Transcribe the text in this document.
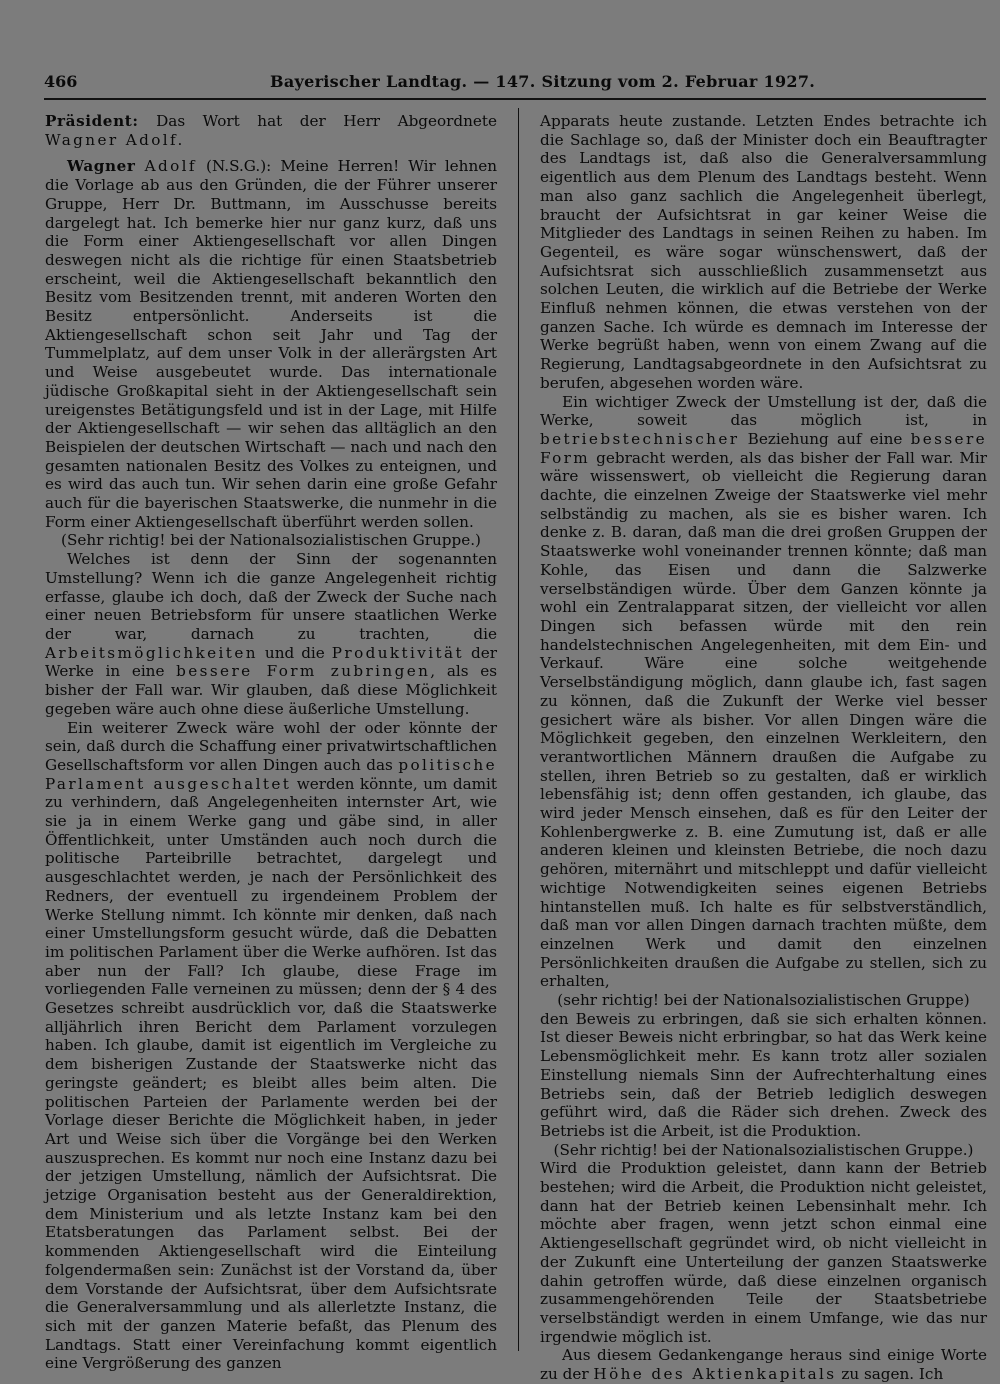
466	Bayerischer Landtag. — 147. Sitzung vom 2. Februar 1927.

Präsident: Das Wort hat der Herr Abgeordnete Wagner Adolf.

Wagner Adolf (N.S.G.): Meine Herren! Wir lehnen die Vorlage ab aus den Gründen, die der Führer unserer Gruppe, Herr Dr. Buttmann, im Ausschusse bereits dargelegt hat. Ich bemerke hier nur ganz kurz, daß uns die Form einer Aktiengesellschaft vor allen Dingen deswegen nicht als die richtige für einen Staatsbetrieb erscheint, weil die Aktiengesellschaft bekanntlich den Besitz vom Besitzenden trennt, mit anderen Worten den Besitz entpersönlicht. Anderseits ist die Aktiengesellschaft schon seit Jahr und Tag der Tummelplatz, auf dem unser Volk in der allerärgsten Art und Weise ausgebeutet wurde. Das internationale jüdische Großkapital sieht in der Aktiengesellschaft sein ureigenstes Betätigungsfeld und ist in der Lage, mit Hilfe der Aktiengesellschaft — wir sehen das alltäglich an den Beispielen der deutschen Wirtschaft — nach und nach den gesamten nationalen Besitz des Volkes zu enteignen, und es wird das auch tun. Wir sehen darin eine große Gefahr auch für die bayerischen Staatswerke, die nunmehr in die Form einer Aktiengesellschaft überführt werden sollen.

(Sehr richtig! bei der Nationalsozialistischen Gruppe.)

Welches ist denn der Sinn der sogenannten Umstellung? Wenn ich die ganze Angelegenheit richtig erfasse, glaube ich doch, daß der Zweck der Suche nach einer neuen Betriebsform für unsere staatlichen Werke der war, darnach zu trachten, die Arbeitsmöglichkeiten und die Produktivität der Werke in eine bessere Form zubringen, als es bisher der Fall war. Wir glauben, daß diese Möglichkeit gegeben wäre auch ohne diese äußerliche Umstellung.

Ein weiterer Zweck wäre wohl der oder könnte der sein, daß durch die Schaffung einer privatwirtschaftlichen Gesellschaftsform vor allen Dingen auch das politische Parlament ausgeschaltet werden könnte, um damit zu verhindern, daß Angelegenheiten internster Art, wie sie ja in einem Werke gang und gäbe sind, in aller Öffentlichkeit, unter Umständen auch noch durch die politische Parteibrille betrachtet, dargelegt und ausgeschlachtet werden, je nach der Persönlichkeit des Redners, der eventuell zu irgendeinem Problem der Werke Stellung nimmt. Ich könnte mir denken, daß nach einer Umstellungsform gesucht würde, daß die Debatten im politischen Parlament über die Werke aufhören. Ist das aber nun der Fall? Ich glaube, diese Frage im vorliegenden Falle verneinen zu müssen; denn der § 4 des Gesetzes schreibt ausdrücklich vor, daß die Staatswerke alljährlich ihren Bericht dem Parlament vorzulegen haben. Ich glaube, damit ist eigentlich im Vergleiche zu dem bisherigen Zustande der Staatswerke nicht das geringste geändert; es bleibt alles beim alten. Die politischen Parteien der Parlamente werden bei der Vorlage dieser Berichte die Möglichkeit haben, in jeder Art und Weise sich über die Vorgänge bei den Werken auszusprechen. Es kommt nur noch eine Instanz dazu bei der jetzigen Umstellung, nämlich der Aufsichtsrat. Die jetzige Organisation besteht aus der Generaldirektion, dem Ministerium und als letzte Instanz kam bei den Etatsberatungen das Parlament selbst. Bei der kommenden Aktiengesellschaft wird die Einteilung folgendermaßen sein: Zunächst ist der Vorstand da, über dem Vorstande der Aufsichtsrat, über dem Aufsichtsrate die Generalversammlung und als allerletzte Instanz, die sich mit der ganzen Materie befaßt, das Plenum des Landtags. Statt einer Vereinfachung kommt eigentlich eine Vergrößerung des ganzen

Apparats heute zustande. Letzten Endes betrachte ich die Sachlage so, daß der Minister doch ein Beauftragter des Landtags ist, daß also die Generalversammlung eigentlich aus dem Plenum des Landtags besteht. Wenn man also ganz sachlich die Angelegenheit überlegt, braucht der Aufsichtsrat in gar keiner Weise die Mitglieder des Landtags in seinen Reihen zu haben. Im Gegenteil, es wäre sogar wünschenswert, daß der Aufsichtsrat sich ausschließlich zusammensetzt aus solchen Leuten, die wirklich auf die Betriebe der Werke Einfluß nehmen können, die etwas verstehen von der ganzen Sache. Ich würde es demnach im Interesse der Werke begrüßt haben, wenn von einem Zwang auf die Regierung, Landtagsabgeordnete in den Aufsichtsrat zu berufen, abgesehen worden wäre.

Ein wichtiger Zweck der Umstellung ist der, daß die Werke, soweit das möglich ist, in betriebstechnischer Beziehung auf eine bessere Form gebracht werden, als das bisher der Fall war. Mir wäre wissenswert, ob vielleicht die Regierung daran dachte, die einzelnen Zweige der Staatswerke viel mehr selbständig zu machen, als sie es bisher waren. Ich denke z. B. daran, daß man die drei großen Gruppen der Staatswerke wohl voneinander trennen könnte; daß man Kohle, das Eisen und dann die Salzwerke verselbständigen würde. Über dem Ganzen könnte ja wohl ein Zentralapparat sitzen, der vielleicht vor allen Dingen sich befassen würde mit den rein handelstechnischen Angelegenheiten, mit dem Ein- und Verkauf. Wäre eine solche weitgehende Verselbständigung möglich, dann glaube ich, fast sagen zu können, daß die Zukunft der Werke viel besser gesichert wäre als bisher. Vor allen Dingen wäre die Möglichkeit gegeben, den einzelnen Werkleitern, den verantwortlichen Männern draußen die Aufgabe zu stellen, ihren Betrieb so zu gestalten, daß er wirklich lebensfähig ist; denn offen gestanden, ich glaube, das wird jeder Mensch einsehen, daß es für den Leiter der Kohlenbergwerke z. B. eine Zumutung ist, daß er alle anderen kleinen und kleinsten Betriebe, die noch dazu gehören, miternährt und mitschleppt und dafür vielleicht wichtige Notwendigkeiten seines eigenen Betriebs hintanstellen muß. Ich halte es für selbstverständlich, daß man vor allen Dingen darnach trachten müßte, dem einzelnen Werk und damit den einzelnen Persönlichkeiten draußen die Aufgabe zu stellen, sich zu erhalten,

(sehr richtig! bei der Nationalsozialistischen Gruppe)

den Beweis zu erbringen, daß sie sich erhalten können. Ist dieser Beweis nicht erbringbar, so hat das Werk keine Lebensmöglichkeit mehr. Es kann trotz aller sozialen Einstellung niemals Sinn der Aufrechterhaltung eines Betriebs sein, daß der Betrieb lediglich deswegen geführt wird, daß die Räder sich drehen. Zweck des Betriebs ist die Arbeit, ist die Produktion.

(Sehr richtig! bei der Nationalsozialistischen Gruppe.)

Wird die Produktion geleistet, dann kann der Betrieb bestehen; wird die Arbeit, die Produktion nicht geleistet, dann hat der Betrieb keinen Lebensinhalt mehr. Ich möchte aber fragen, wenn jetzt schon einmal eine Aktiengesellschaft gegründet wird, ob nicht vielleicht in der Zukunft eine Unterteilung der ganzen Staatswerke dahin getroffen würde, daß diese einzelnen organisch zusammengehörenden Teile der Staatsbetriebe verselbständigt werden in einem Umfange, wie das nur irgendwie möglich ist.

Aus diesem Gedankengange heraus sind einige Worte zu der Höhe des Aktienkapitals zu sagen. Ich
